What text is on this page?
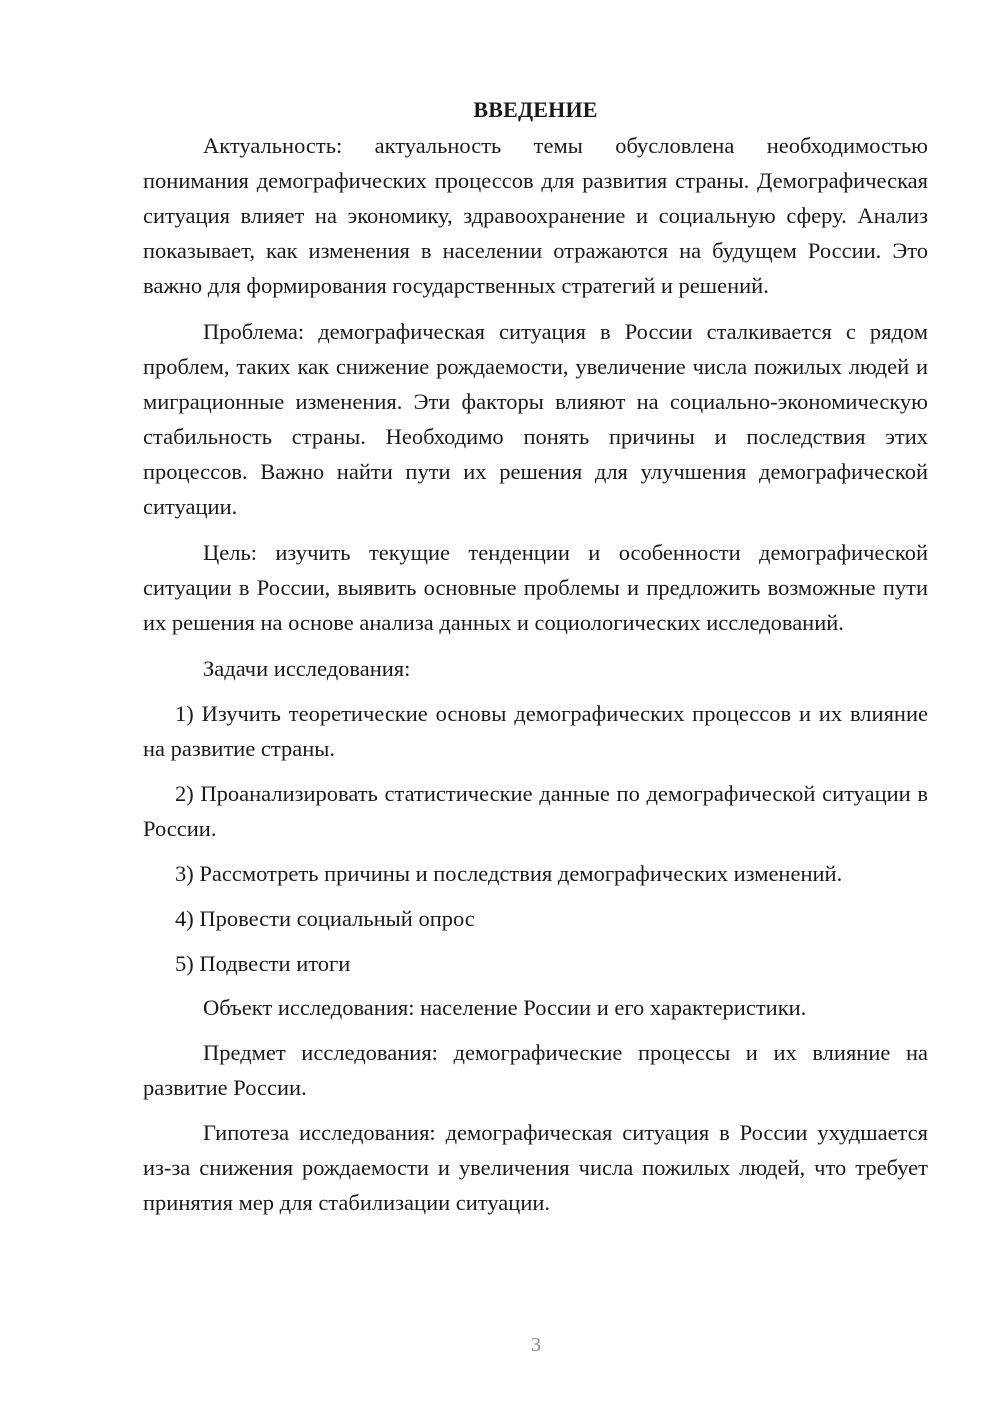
ВВЕДЕНИЕ

Актуальность: актуальность темы обусловлена необходимостью понимания демографических процессов для развития страны. Демографическая ситуация влияет на экономику, здравоохранение и социальную сферу. Анализ показывает, как изменения в населении отражаются на будущем России. Это важно для формирования государственных стратегий и решений.

Проблема: демографическая ситуация в России сталкивается с рядом проблем, таких как снижение рождаемости, увеличение числа пожилых людей и миграционные изменения. Эти факторы влияют на социально-экономическую стабильность страны. Необходимо понять причины и последствия этих процессов. Важно найти пути их решения для улучшения демографической ситуации.

Цель: изучить текущие тенденции и особенности демографической ситуации в России, выявить основные проблемы и предложить возможные пути их решения на основе анализа данных и социологических исследований.

Задачи исследования:

1) Изучить теоретические основы демографических процессов и их влияние на развитие страны.

2) Проанализировать статистические данные по демографической ситуации в России.

3) Рассмотреть причины и последствия демографических изменений.

4) Провести социальный опрос

5) Подвести итоги

Объект исследования: население России и его характеристики.

Предмет исследования: демографические процессы и их влияние на развитие России.

Гипотеза исследования: демографическая ситуация в России ухудшается из-за снижения рождаемости и увеличения числа пожилых людей, что требует принятия мер для стабилизации ситуации.

3
